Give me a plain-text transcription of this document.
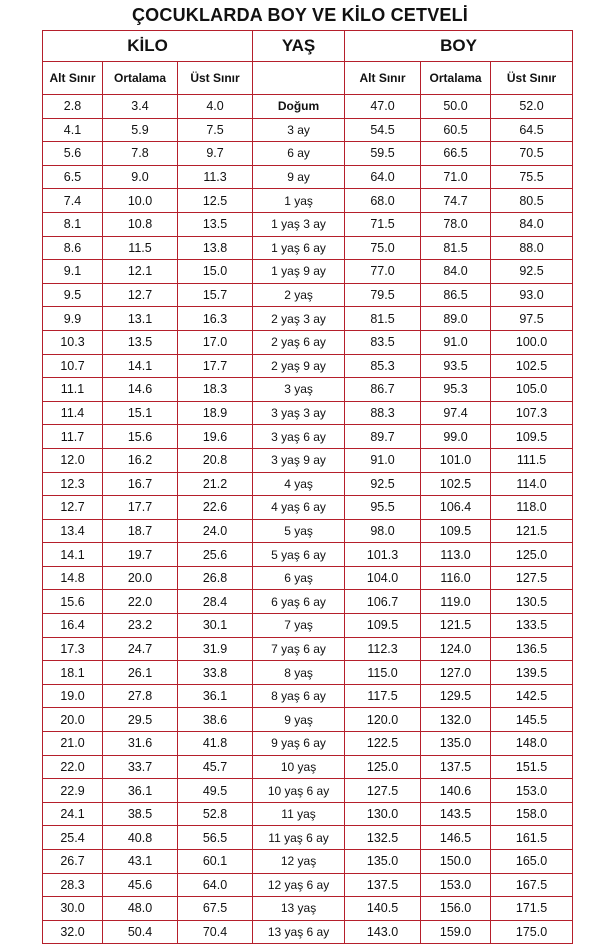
ÇOCUKLARDA BOY VE KİLO CETVELİ
KİLO			YAŞ	BOY		
Alt Sınır	Ortalama	Üst Sınır		Alt Sınır	Ortalama	Üst Sınır
2.8	3.4	4.0	Doğum	47.0	50.0	52.0
4.1	5.9	7.5	3 ay	54.5	60.5	64.5
5.6	7.8	9.7	6 ay	59.5	66.5	70.5
6.5	9.0	11.3	9 ay	64.0	71.0	75.5
7.4	10.0	12.5	1 yaş	68.0	74.7	80.5
8.1	10.8	13.5	1 yaş 3 ay	71.5	78.0	84.0
8.6	11.5	13.8	1 yaş 6 ay	75.0	81.5	88.0
9.1	12.1	15.0	1 yaş 9 ay	77.0	84.0	92.5
9.5	12.7	15.7	2 yaş	79.5	86.5	93.0
9.9	13.1	16.3	2 yaş 3 ay	81.5	89.0	97.5
10.3	13.5	17.0	2 yaş 6 ay	83.5	91.0	100.0
10.7	14.1	17.7	2 yaş 9 ay	85.3	93.5	102.5
11.1	14.6	18.3	3 yaş	86.7	95.3	105.0
11.4	15.1	18.9	3 yaş 3 ay	88.3	97.4	107.3
11.7	15.6	19.6	3 yaş 6 ay	89.7	99.0	109.5
12.0	16.2	20.8	3 yaş 9 ay	91.0	101.0	111.5
12.3	16.7	21.2	4 yaş	92.5	102.5	114.0
12.7	17.7	22.6	4 yaş 6 ay	95.5	106.4	118.0
13.4	18.7	24.0	5 yaş	98.0	109.5	121.5
14.1	19.7	25.6	5 yaş 6 ay	101.3	113.0	125.0
14.8	20.0	26.8	6 yaş	104.0	116.0	127.5
15.6	22.0	28.4	6 yaş 6 ay	106.7	119.0	130.5
16.4	23.2	30.1	7 yaş	109.5	121.5	133.5
17.3	24.7	31.9	7 yaş 6 ay	112.3	124.0	136.5
18.1	26.1	33.8	8 yaş	115.0	127.0	139.5
19.0	27.8	36.1	8 yaş 6 ay	117.5	129.5	142.5
20.0	29.5	38.6	9 yaş	120.0	132.0	145.5
21.0	31.6	41.8	9 yaş 6 ay	122.5	135.0	148.0
22.0	33.7	45.7	10 yaş	125.0	137.5	151.5
22.9	36.1	49.5	10 yaş 6 ay	127.5	140.6	153.0
24.1	38.5	52.8	11 yaş	130.0	143.5	158.0
25.4	40.8	56.5	11 yaş 6 ay	132.5	146.5	161.5
26.7	43.1	60.1	12 yaş	135.0	150.0	165.0
28.3	45.6	64.0	12 yaş 6 ay	137.5	153.0	167.5
30.0	48.0	67.5	13 yaş	140.5	156.0	171.5
32.0	50.4	70.4	13 yaş 6 ay	143.0	159.0	175.0
